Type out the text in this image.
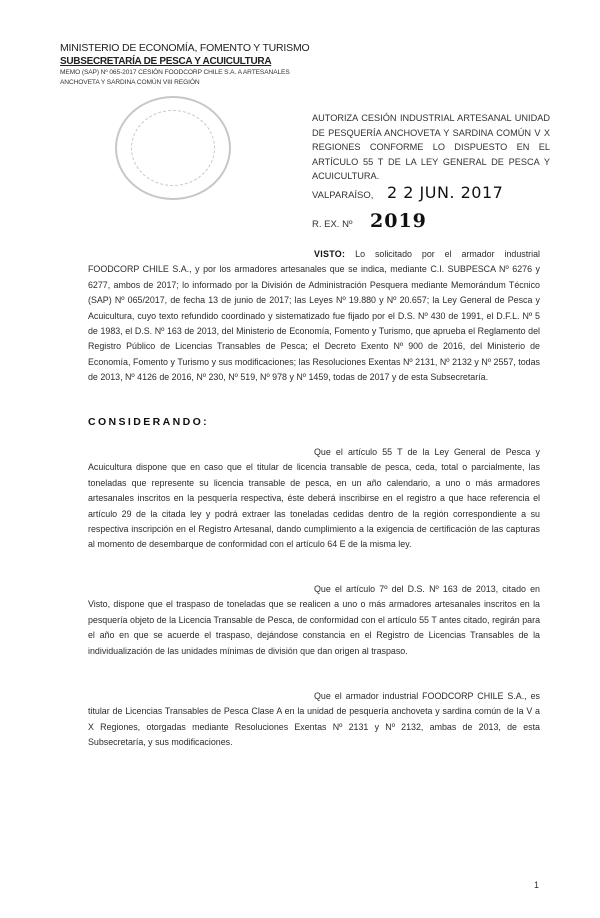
MINISTERIO DE ECONOMÍA, FOMENTO Y TURISMO
SUBSECRETARÍA DE PESCA Y ACUICULTURA
MEMO (SAP) Nº 065-2017 CESIÓN FOODCORP CHILE S.A. A ARTESANALES
ANCHOVETA Y SARDINA COMÚN VIII REGIÓN
AUTORIZA CESIÓN INDUSTRIAL ARTESANAL UNIDAD DE PESQUERÍA ANCHOVETA Y SARDINA COMÚN V X REGIONES CONFORME LO DISPUESTO EN EL ARTÍCULO 55 T DE LA LEY GENERAL DE PESCA Y ACUICULTURA.
VALPARAÍSO, 2 2 JUN. 2017
R. EX. Nº 2019
VISTO: Lo solicitado por el armador industrial FOODCORP CHILE S.A., y por los armadores artesanales que se indica, mediante C.I. SUBPESCA Nº 6276 y 6277, ambos de 2017; lo informado por la División de Administración Pesquera mediante Memorándum Técnico (SAP) Nº 065/2017, de fecha 13 de junio de 2017; las Leyes Nº 19.880 y Nº 20.657; la Ley General de Pesca y Acuicultura, cuyo texto refundido coordinado y sistematizado fue fijado por el D.S. Nº 430 de 1991, el D.F.L. Nº 5 de 1983, el D.S. Nº 163 de 2013, del Ministerio de Economía, Fomento y Turismo, que aprueba el Reglamento del Registro Público de Licencias Transables de Pesca; el Decreto Exento Nº 900 de 2016, del Ministerio de Economía, Fomento y Turismo y sus modificaciones; las Resoluciones Exentas Nº 2131, Nº 2132 y Nº 2557, todas de 2013, Nº 4126 de 2016, Nº 230, Nº 519, Nº 978 y Nº 1459, todas de 2017 y de esta Subsecretaría.
CONSIDERANDO:
Que el artículo 55 T de la Ley General de Pesca y Acuicultura dispone que en caso que el titular de licencia transable de pesca, ceda, total o parcialmente, las toneladas que represente su licencia transable de pesca, en un año calendario, a uno o más armadores artesanales inscritos en la pesquería respectiva, éste deberá inscribirse en el registro a que hace referencia el artículo 29 de la citada ley y podrá extraer las toneladas cedidas dentro de la región correspondiente a su respectiva inscripción en el Registro Artesanal, dando cumplimiento a la exigencia de certificación de las capturas al momento de desembarque de conformidad con el artículo 64 E de la misma ley.
Que el artículo 7º del D.S. Nº 163 de 2013, citado en Visto, dispone que el traspaso de toneladas que se realicen a uno o más armadores artesanales inscritos en la pesquería objeto de la Licencia Transable de Pesca, de conformidad con el artículo 55 T antes citado, regirán para el año en que se acuerde el traspaso, dejándose constancia en el Registro de Licencias Transables de la individualización de las unidades mínimas de división que dan origen al traspaso.
Que el armador industrial FOODCORP CHILE S.A., es titular de Licencias Transables de Pesca Clase A en la unidad de pesquería anchoveta y sardina común de la V a X Regiones, otorgadas mediante Resoluciones Exentas Nº 2131 y Nº 2132, ambas de 2013, de esta Subsecretaría, y sus modificaciones.
1
